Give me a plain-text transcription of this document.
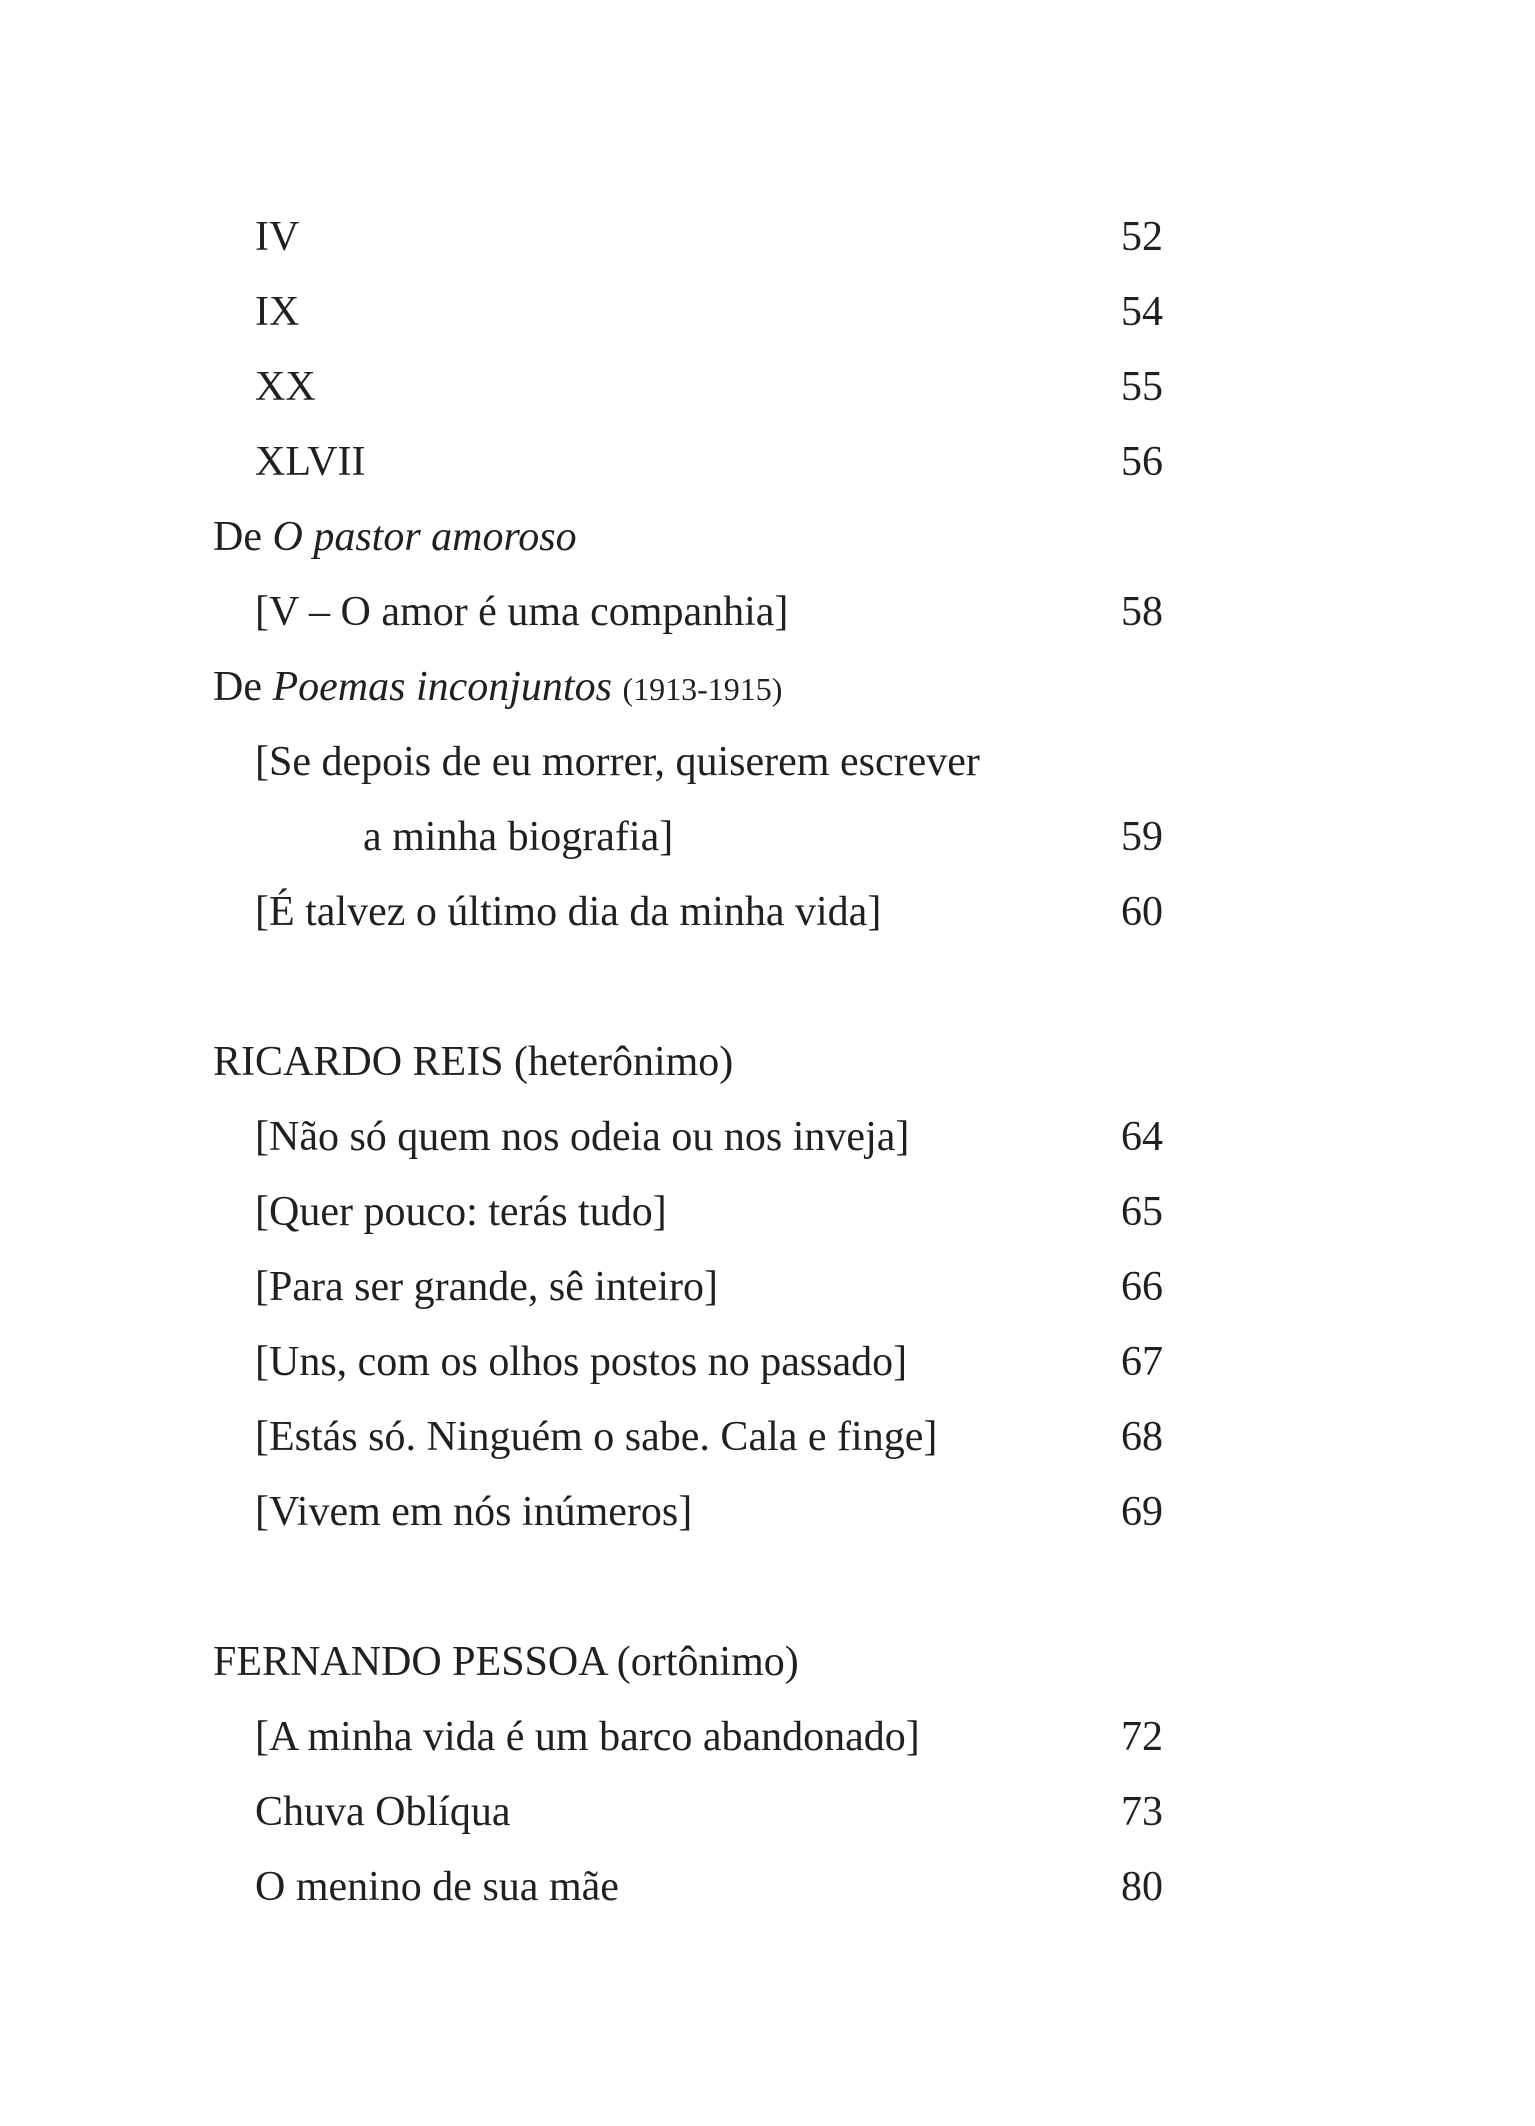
IV	52
IX	54
XX	55
XLVII	56
De O pastor amoroso
[V – O amor é uma companhia]	58
De Poemas inconjuntos (1913-1915)
[Se depois de eu morrer, quiserem escrever
a minha biografia]	59
[É talvez o último dia da minha vida]	60
RICARDO REIS (heterônimo)
[Não só quem nos odeia ou nos inveja]	64
[Quer pouco: terás tudo]	65
[Para ser grande, sê inteiro]	66
[Uns, com os olhos postos no passado]	67
[Estás só. Ninguém o sabe. Cala e finge]	68
[Vivem em nós inúmeros]	69
FERNANDO PESSOA (ortônimo)
[A minha vida é um barco abandonado]	72
Chuva Oblíqua	73
O menino de sua mãe	80
